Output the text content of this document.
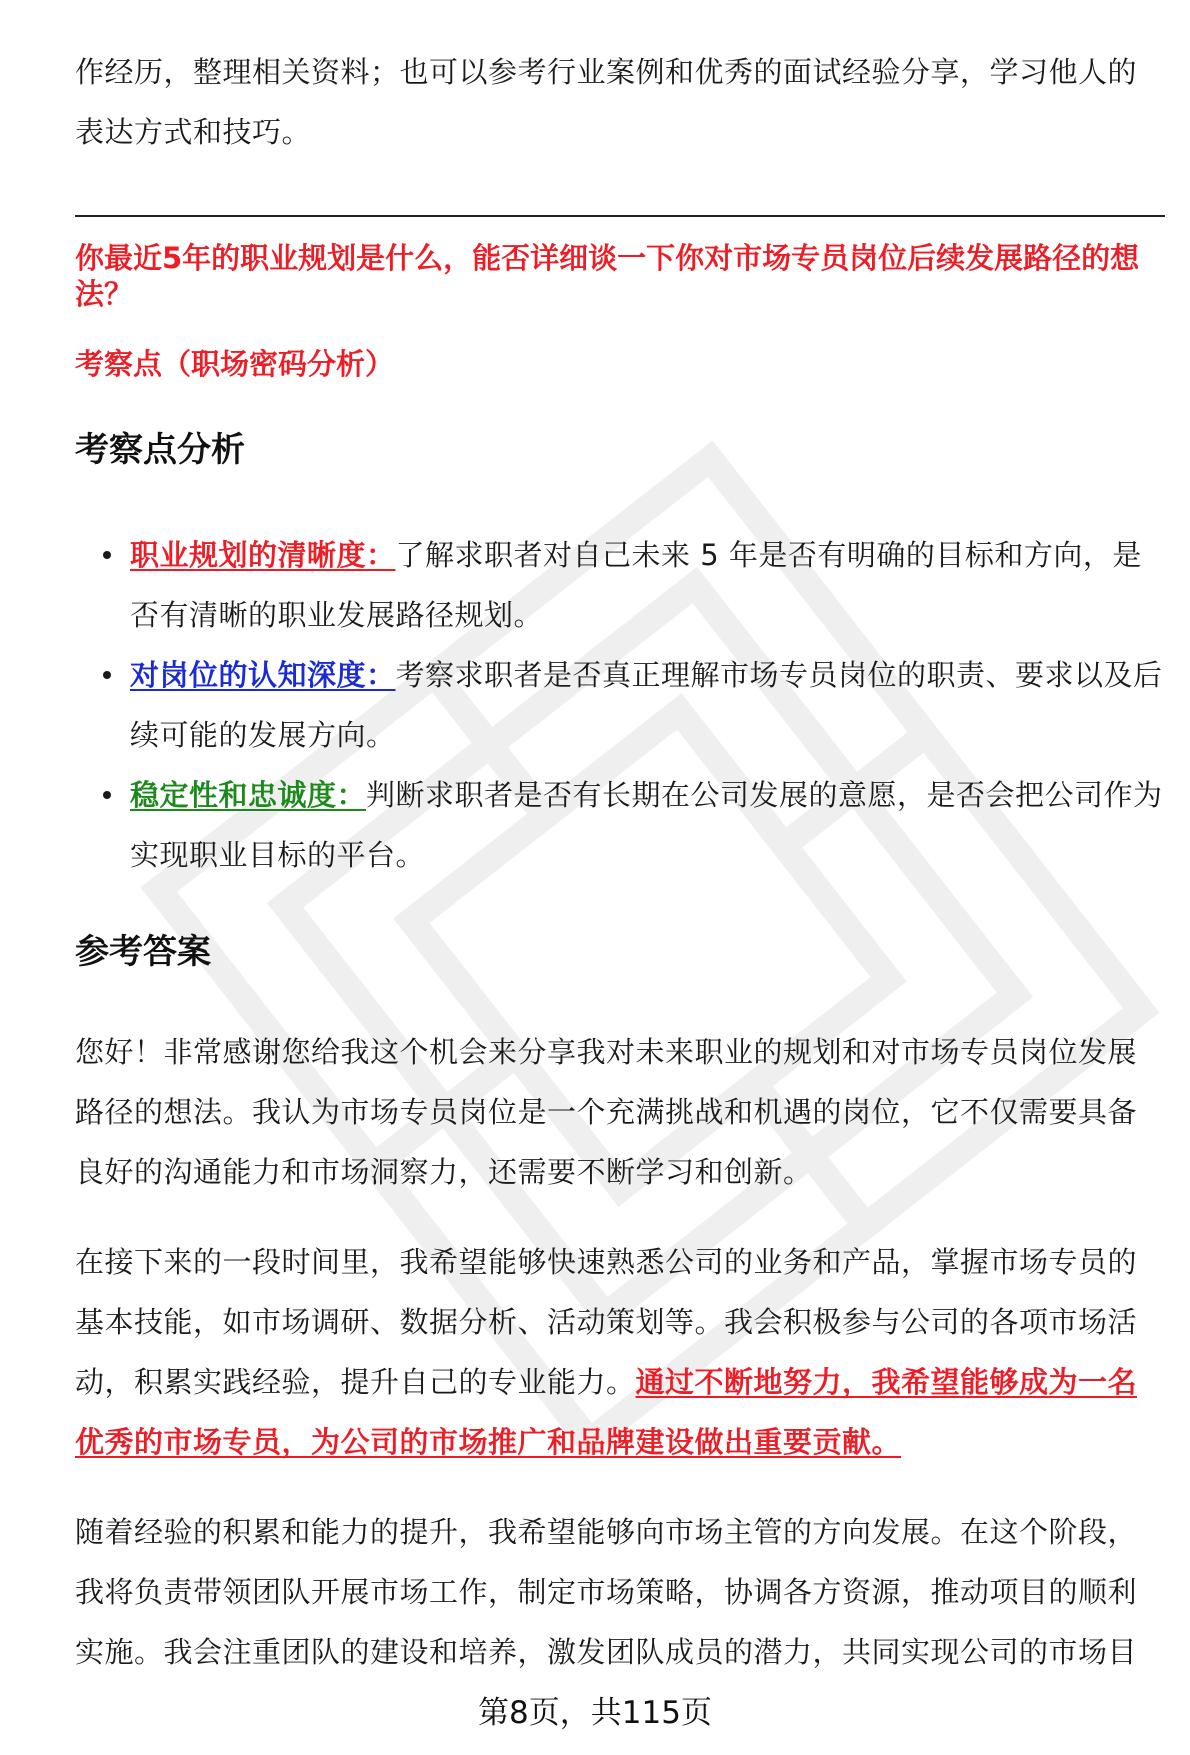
作经历，整理相关资料；也可以参考行业案例和优秀的面试经验分享，学习他人的表达方式和技巧。

你最近5年的职业规划是什么，能否详细谈一下你对市场专员岗位后续发展路径的想法？

考察点（职场密码分析）

考察点分析
职业规划的清晰度：了解求职者对自己未来 5 年是否有明确的目标和方向，是否有清晰的职业发展路径规划。
对岗位的认知深度：考察求职者是否真正理解市场专员岗位的职责、要求以及后续可能的发展方向。
稳定性和忠诚度：判断求职者是否有长期在公司发展的意愿，是否会把公司作为实现职业目标的平台。
参考答案

您好！非常感谢您给我这个机会来分享我对未来职业的规划和对市场专员岗位发展路径的想法。我认为市场专员岗位是一个充满挑战和机遇的岗位，它不仅需要具备良好的沟通能力和市场洞察力，还需要不断学习和创新。

在接下来的一段时间里，我希望能够快速熟悉公司的业务和产品，掌握市场专员的基本技能，如市场调研、数据分析、活动策划等。我会积极参与公司的各项市场活动，积累实践经验，提升自己的专业能力。通过不断地努力，我希望能够成为一名优秀的市场专员，为公司的市场推广和品牌建设做出重要贡献。

随着经验的积累和能力的提升，我希望能够向市场主管的方向发展。在这个阶段，我将负责带领团队开展市场工作，制定市场策略，协调各方资源，推动项目的顺利实施。我会注重团队的建设和培养，激发团队成员的潜力，共同实现公司的市场目

第8页，共115页
